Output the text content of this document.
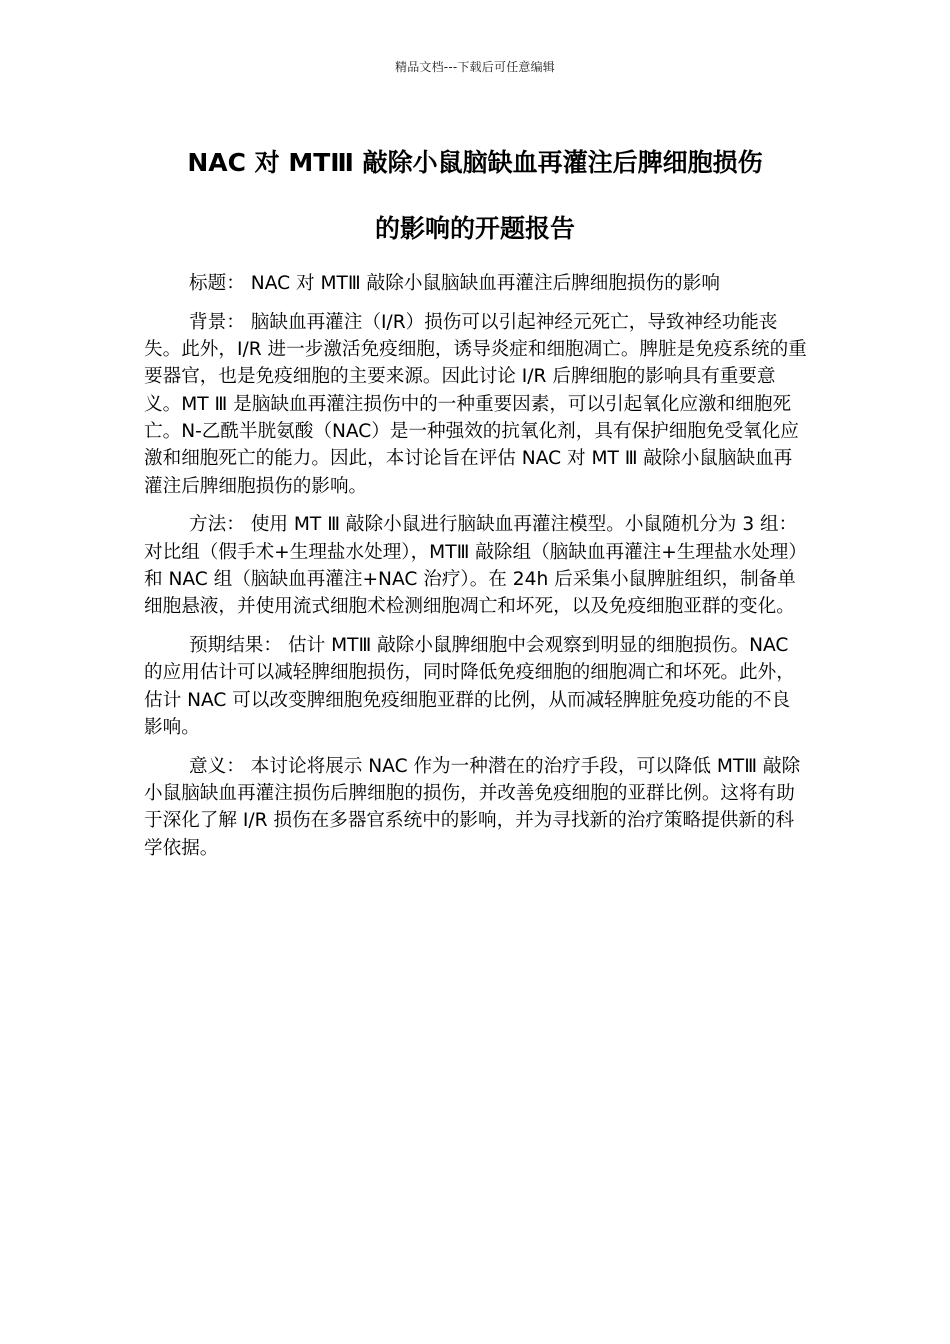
精品文档---下载后可任意编辑
NAC 对 MTⅢ 敲除小鼠脑缺血再灌注后脾细胞损伤
的影响的开题报告

标题： NAC 对 MTⅢ 敲除小鼠脑缺血再灌注后脾细胞损伤的影响

背景： 脑缺血再灌注（I/R）损伤可以引起神经元死亡，导致神经功能丧失。此外，I/R 进一步激活免疫细胞，诱导炎症和细胞凋亡。脾脏是免疫系统的重要器官，也是免疫细胞的主要来源。因此讨论 I/R 后脾细胞的影响具有重要意义。MT Ⅲ 是脑缺血再灌注损伤中的一种重要因素，可以引起氧化应激和细胞死亡。N-乙酰半胱氨酸（NAC）是一种强效的抗氧化剂，具有保护细胞免受氧化应激和细胞死亡的能力。因此，本讨论旨在评估 NAC 对 MT Ⅲ 敲除小鼠脑缺血再灌注后脾细胞损伤的影响。

方法： 使用 MT Ⅲ 敲除小鼠进行脑缺血再灌注模型。小鼠随机分为 3 组：对比组（假手术+生理盐水处理），MTⅢ 敲除组（脑缺血再灌注+生理盐水处理）和 NAC 组（脑缺血再灌注+NAC 治疗）。在 24h 后采集小鼠脾脏组织，制备单细胞悬液，并使用流式细胞术检测细胞凋亡和坏死，以及免疫细胞亚群的变化。

预期结果： 估计 MTⅢ 敲除小鼠脾细胞中会观察到明显的细胞损伤。NAC 的应用估计可以减轻脾细胞损伤，同时降低免疫细胞的细胞凋亡和坏死。此外，估计 NAC 可以改变脾细胞免疫细胞亚群的比例，从而减轻脾脏免疫功能的不良影响。

意义： 本讨论将展示 NAC 作为一种潜在的治疗手段，可以降低 MTⅢ 敲除小鼠脑缺血再灌注损伤后脾细胞的损伤，并改善免疫细胞的亚群比例。这将有助于深化了解 I/R 损伤在多器官系统中的影响，并为寻找新的治疗策略提供新的科学依据。
